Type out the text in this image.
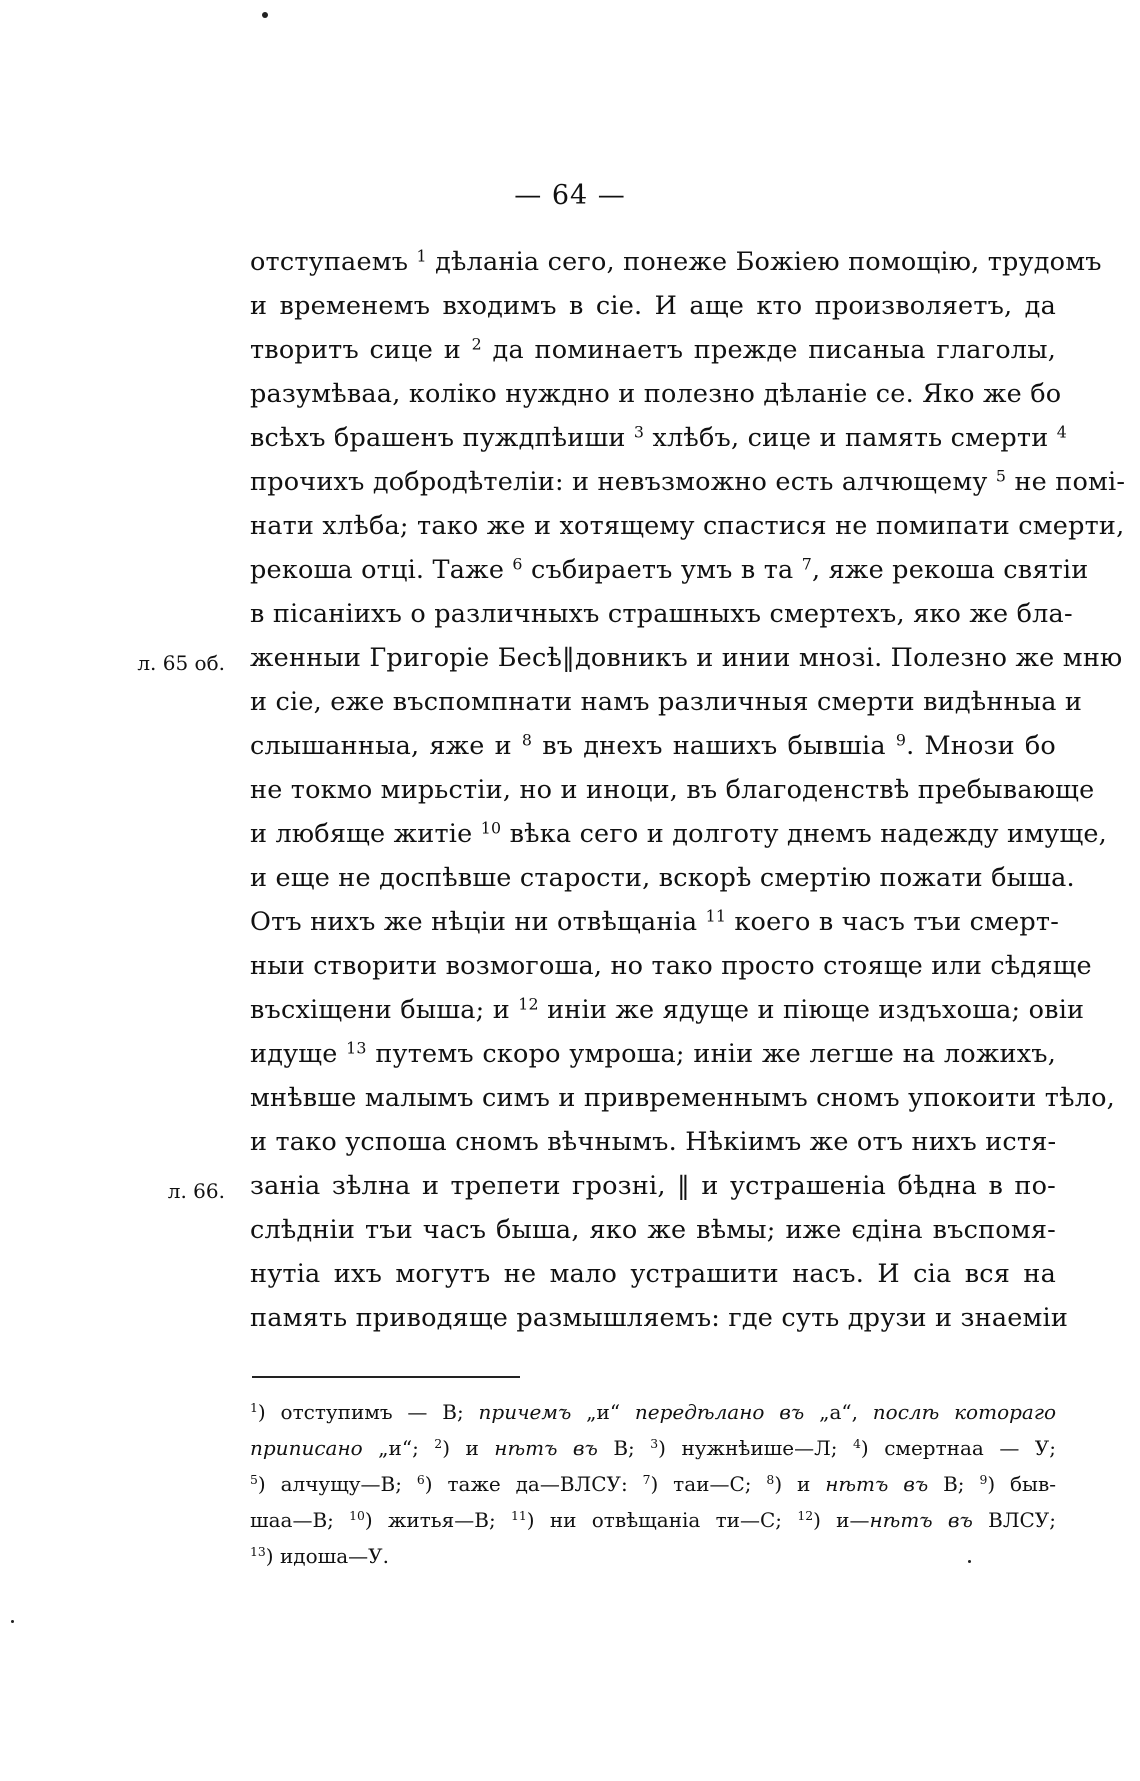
— 64 —
л. 65 об.
л. 66.
отступаемъ $^1$ дѣланіа сего, понеже Божіею помощію, трудомъ
и временемъ входимъ в сіе. И аще кто произволяетъ, да
творитъ сице и $^2$ да поминаетъ прежде писаныа глаголы,
разумѣваа, коліко нуждно и полезно дѣланіе се. Яко же бо
всѣхъ брашенъ пуждпѣиши $^3$ хлѣбъ, сице и память смерти $^4$
прочихъ добродѣтеліи: и невъзможно есть алчющему $^5$ не помі-
нати хлѣба; тако же и хотящему спастися не помипати смерти,
рекоша отці. Таже $^6$ събираетъ умъ в та $^7$, яже рекоша святіи
в пісаніихъ о различныхъ страшныхъ смертехъ, яко же бла-
женныи Григоріе Бесѣ‖довникъ и инии мнозі. Полезно же мню
и сіе, еже въспомпнати намъ различныя смерти видѣнныа и
слышанныа, яже и $^8$ въ днехъ нашихъ бывшіа $^9$. Мнози бо
не токмо мирьстіи, но и иноци, въ благоденствѣ пребывающе
и любяще житіе $^{10}$ вѣка сего и долготу днемъ надежду имуще,
и еще не доспѣвше старости, вскорѣ смертію пожати быша.
Отъ нихъ же нѣціи ни отвѣщаніа $^{11}$ коего в часъ тъи смерт-
ныи створити возмогоша, но тако просто стояще или сѣдяще
въсхіщени быша; и $^{12}$ иніи же ядуще и піюще издъхоша; овіи
идуще $^{13}$ путемъ скоро умроша; иніи же легше на ложихъ,
мнѣвше малымъ симъ и привременнымъ сномъ упокоити тѣло,
и тако успоша сномъ вѣчнымъ. Нѣкіимъ же отъ нихъ истя-
заніа зѣлна и трепети грозні, ‖ и устрашеніа бѣдна в по-
слѣдніи тъи часъ быша, яко же вѣмы; иже єдіна въспомя-
нутіа ихъ могутъ не мало устрашити насъ. И сіа вся на
память приводяще размышляемъ: где суть друзи и знаеміи
$^1$) отступимъ — В; причемъ „и“ передѣлано въ „а“, послѣ котораго
приписано „и“; $^2$) и нѣтъ въ В; $^3$) нужнѣише—Л; $^4$) смертнаа — У;
$^5$) алчущу—В; $^6$) таже да—ВЛСУ: $^7$) таи—С; $^8$) и нѣтъ въ В; $^9$) быв-
шаа—В; $^{10}$) житья—В; $^{11}$) ни отвѣщаніа ти—С; $^{12}$) и—нѣтъ въ ВЛСУ;
$^{13}$) идоша—У.
